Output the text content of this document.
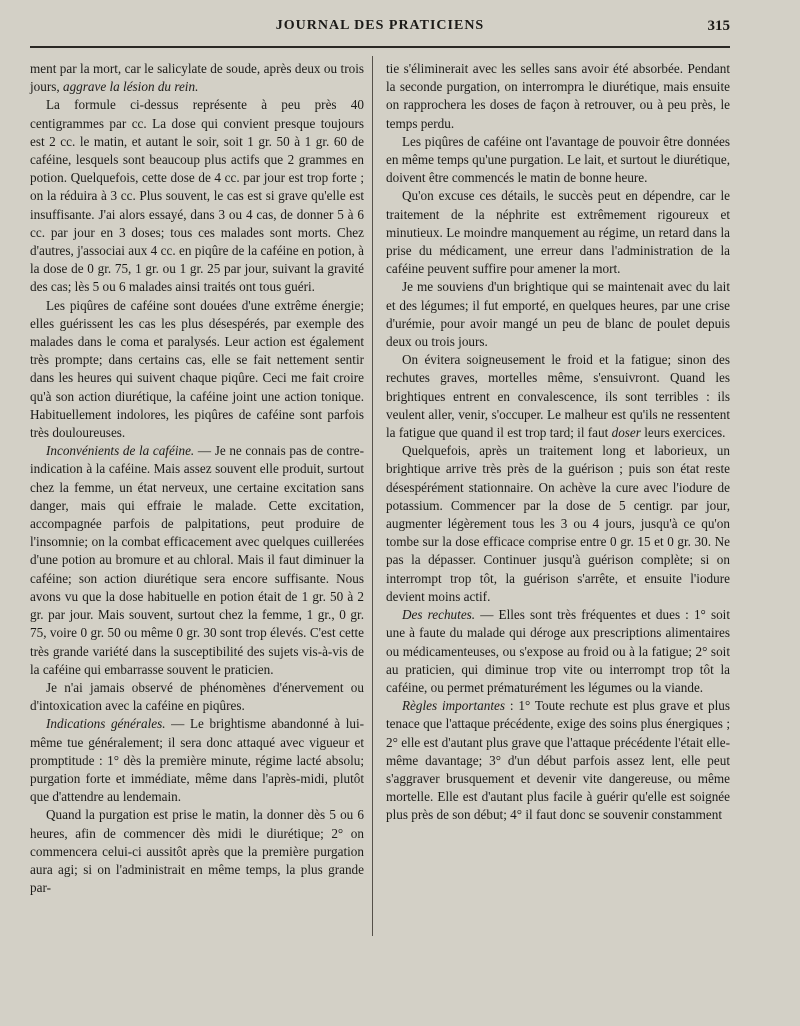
JOURNAL DES PRATICIENS	315

ment par la mort, car le salicylate de soude, après deux ou trois jours, aggrave la lésion du rein.

La formule ci-dessus représente à peu près 40 centigrammes par cc. La dose qui convient presque toujours est 2 cc. le matin, et autant le soir, soit 1 gr. 50 à 1 gr. 60 de caféine, lesquels sont beaucoup plus actifs que 2 grammes en potion. Quelquefois, cette dose de 4 cc. par jour est trop forte ; on la réduira à 3 cc. Plus souvent, le cas est si grave qu'elle est insuffisante. J'ai alors essayé, dans 3 ou 4 cas, de donner 5 à 6 cc. par jour en 3 doses; tous ces malades sont morts. Chez d'autres, j'associai aux 4 cc. en piqûre de la caféine en potion, à la dose de 0 gr. 75, 1 gr. ou 1 gr. 25 par jour, suivant la gravité des cas; lès 5 ou 6 malades ainsi traités ont tous guéri.

Les piqûres de caféine sont douées d'une extrême énergie; elles guérissent les cas les plus désespérés, par exemple des malades dans le coma et paralysés. Leur action est également très prompte; dans certains cas, elle se fait nettement sentir dans les heures qui suivent chaque piqûre. Ceci me fait croire qu'à son action diurétique, la caféine joint une action tonique. Habituellement indolores, les piqûres de caféine sont parfois très douloureuses.

Inconvénients de la caféine. — Je ne connais pas de contre-indication à la caféine. Mais assez souvent elle produit, surtout chez la femme, un état nerveux, une certaine excitation sans danger, mais qui effraie le malade. Cette excitation, accompagnée parfois de palpitations, peut produire de l'insomnie; on la combat efficacement avec quelques cuillerées d'une potion au bromure et au chloral. Mais il faut diminuer la caféine; son action diurétique sera encore suffisante. Nous avons vu que la dose habituelle en potion était de 1 gr. 50 à 2 gr. par jour. Mais souvent, surtout chez la femme, 1 gr., 0 gr. 75, voire 0 gr. 50 ou même 0 gr. 30 sont trop élevés. C'est cette très grande variété dans la susceptibilité des sujets vis-à-vis de la caféine qui embarrasse souvent le praticien.

Je n'ai jamais observé de phénomènes d'énervement ou d'intoxication avec la caféine en piqûres.

Indications générales. — Le brightisme abandonné à lui-même tue généralement; il sera donc attaqué avec vigueur et promptitude : 1° dès la première minute, régime lacté absolu; purgation forte et immédiate, même dans l'après-midi, plutôt que d'attendre au lendemain.

Quand la purgation est prise le matin, la donner dès 5 ou 6 heures, afin de commencer dès midi le diurétique; 2° on commencera celui-ci aussitôt après que la première purgation aura agi; si on l'administrait en même temps, la plus grande par-

tie s'éliminerait avec les selles sans avoir été absorbée. Pendant la seconde purgation, on interrompra le diurétique, mais ensuite on rapprochera les doses de façon à retrouver, ou à peu près, le temps perdu.

Les piqûres de caféine ont l'avantage de pouvoir être données en même temps qu'une purgation. Le lait, et surtout le diurétique, doivent être commencés le matin de bonne heure.

Qu'on excuse ces détails, le succès peut en dépendre, car le traitement de la néphrite est extrêmement rigoureux et minutieux. Le moindre manquement au régime, un retard dans la prise du médicament, une erreur dans l'administration de la caféine peuvent suffire pour amener la mort.

Je me souviens d'un brightique qui se maintenait avec du lait et des légumes; il fut emporté, en quelques heures, par une crise d'urémie, pour avoir mangé un peu de blanc de poulet depuis deux ou trois jours.

On évitera soigneusement le froid et la fatigue; sinon des rechutes graves, mortelles même, s'ensuivront. Quand les brightiques entrent en convalescence, ils sont terribles : ils veulent aller, venir, s'occuper. Le malheur est qu'ils ne ressentent la fatigue que quand il est trop tard; il faut doser leurs exercices.

Quelquefois, après un traitement long et laborieux, un brightique arrive très près de la guérison ; puis son état reste désespérément stationnaire. On achève la cure avec l'iodure de potassium. Commencer par la dose de 5 centigr. par jour, augmenter légèrement tous les 3 ou 4 jours, jusqu'à ce qu'on tombe sur la dose efficace comprise entre 0 gr. 15 et 0 gr. 30. Ne pas la dépasser. Continuer jusqu'à guérison complète; si on interrompt trop tôt, la guérison s'arrête, et ensuite l'iodure devient moins actif.

Des rechutes. — Elles sont très fréquentes et dues : 1° soit une à faute du malade qui déroge aux prescriptions alimentaires ou médicamenteuses, ou s'expose au froid ou à la fatigue; 2° soit au praticien, qui diminue trop vite ou interrompt trop tôt la caféine, ou permet prématurément les légumes ou la viande.

Règles importantes : 1° Toute rechute est plus grave et plus tenace que l'attaque précédente, exige des soins plus énergiques ; 2° elle est d'autant plus grave que l'attaque précédente l'était elle-même davantage; 3° d'un début parfois assez lent, elle peut s'aggraver brusquement et devenir vite dangereuse, ou même mortelle. Elle est d'autant plus facile à guérir qu'elle est soignée plus près de son début; 4° il faut donc se souvenir constamment
